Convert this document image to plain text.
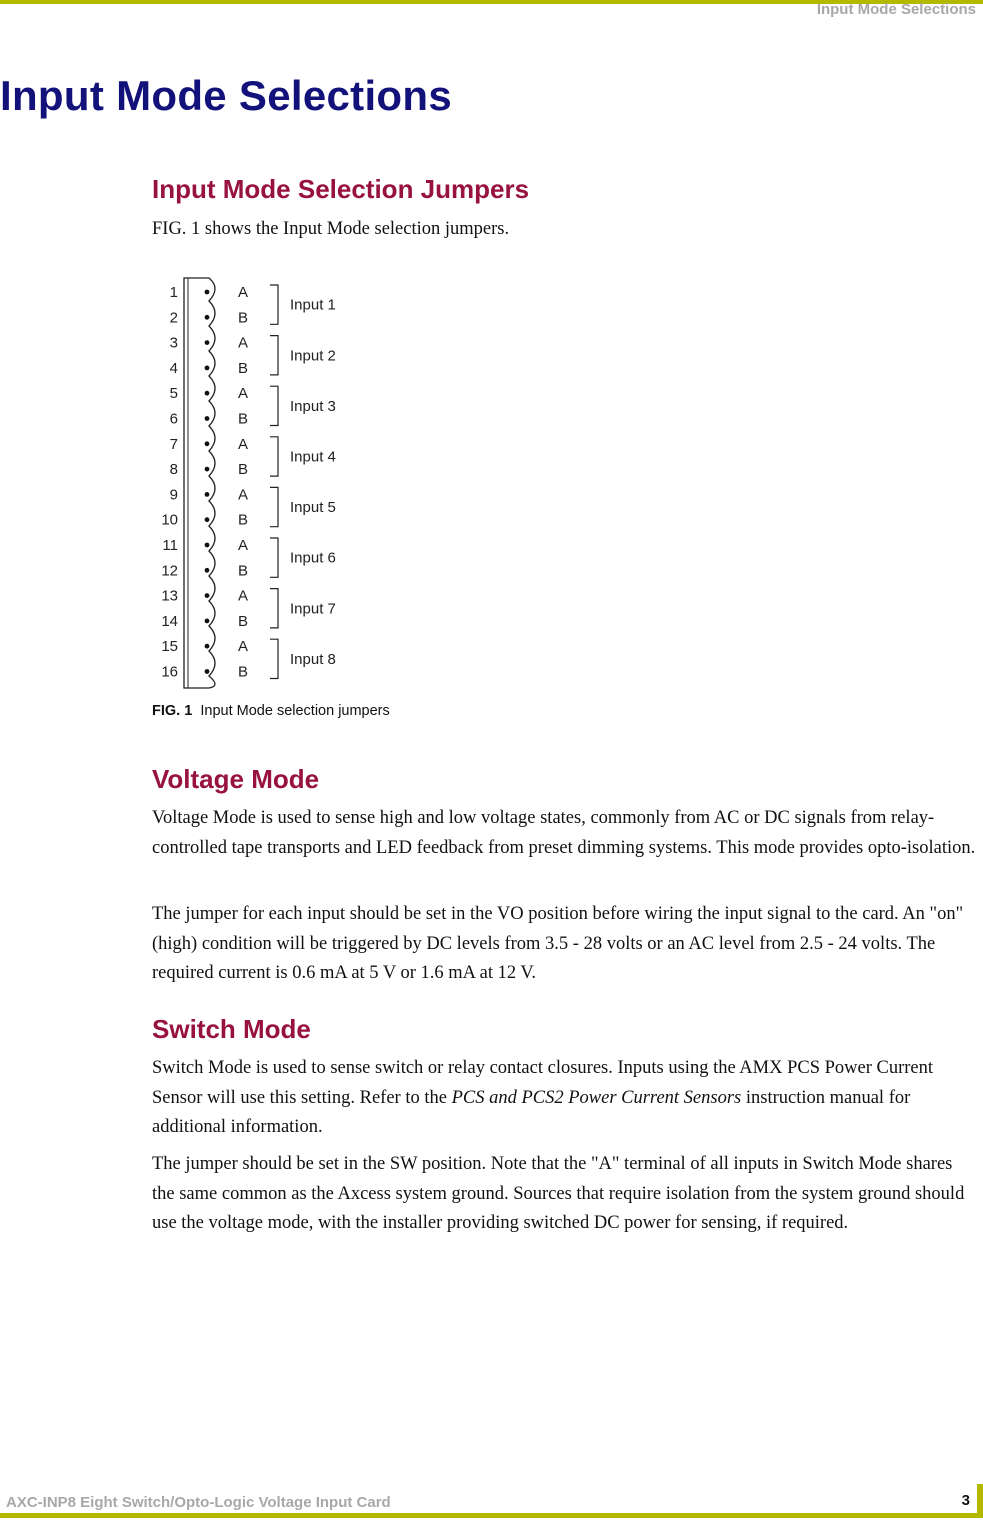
Input Mode Selections
Input Mode Selections
Input Mode Selection Jumpers

FIG. 1 shows the Input Mode selection jumpers.

1
2
3
4
5
6
7
8
9
10
11
12
13
14
15
16
A
B
A
B
A
B
A
B
A
B
A
B
A
B
A
B
Input 1
Input 2
Input 3
Input 4
Input 5
Input 6
Input 7
Input 8
FIG. 1 Input Mode selection jumpers
Voltage Mode

Voltage Mode is used to sense high and low voltage states, commonly from AC or DC signals from relay-controlled tape transports and LED feedback from preset dimming systems. This mode provides opto-isolation.

The jumper for each input should be set in the VO position before wiring the input signal to the card. An "on" (high) condition will be triggered by DC levels from 3.5 - 28 volts or an AC level from 2.5 - 24 volts. The required current is 0.6 mA at 5 V or 1.6 mA at 12 V.

Switch Mode

Switch Mode is used to sense switch or relay contact closures. Inputs using the AMX PCS Power Current Sensor will use this setting. Refer to the PCS and PCS2 Power Current Sensors instruction manual for additional information.

The jumper should be set in the SW position. Note that the "A" terminal of all inputs in Switch Mode shares the same common as the Axcess system ground. Sources that require isolation from the system ground should use the voltage mode, with the installer providing switched DC power for sensing, if required.

AXC-INP8 Eight Switch/Opto-Logic Voltage Input Card	3
